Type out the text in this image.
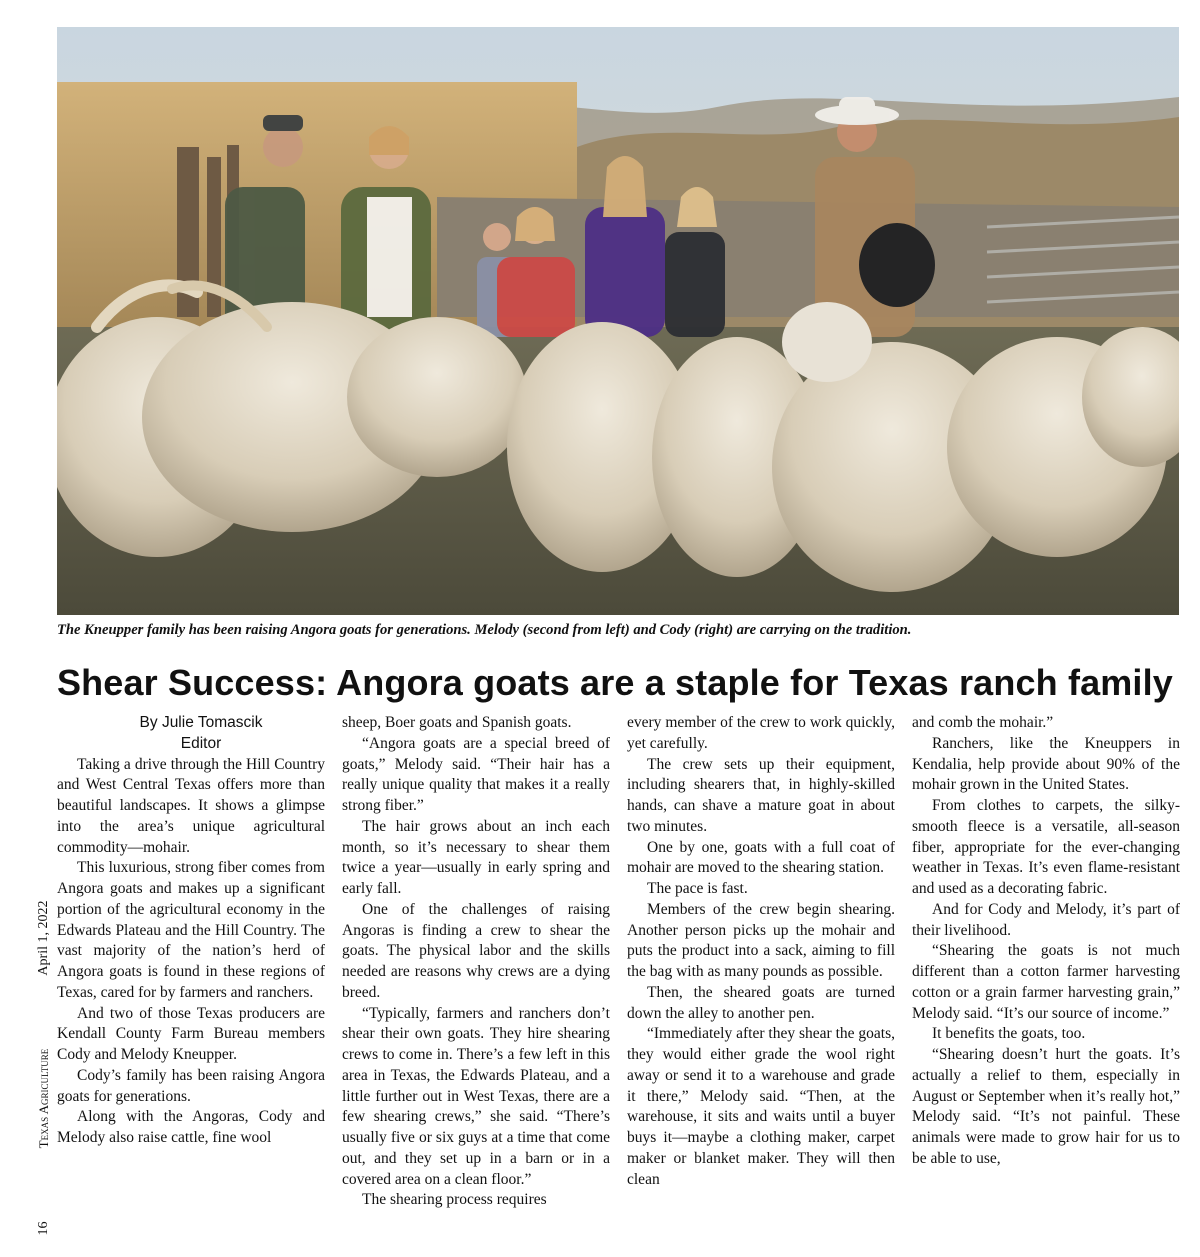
The Kneupper family has been raising Angora goats for generations. Melody (second from left) and Cody (right) are carrying on the tradition.

Shear Success: Angora goats are a staple for Texas ranch family
16
Texas Agriculture
April 1, 2022

By Julie Tomascik

Editor

Taking a drive through the Hill Country and West Central Texas offers more than beautiful landscapes. It shows a glimpse into the area’s unique agricultural commodity—mohair.

This luxurious, strong fiber comes from Angora goats and makes up a significant portion of the agricultural economy in the Edwards Plateau and the Hill Country. The vast majority of the nation’s herd of Angora goats is found in these regions of Texas, cared for by farmers and ranchers.

And two of those Texas producers are Kendall County Farm Bureau members Cody and Melody Kneupper.

Cody’s family has been raising Angora goats for generations.

Along with the Angoras, Cody and Melody also raise cattle, fine wool

sheep, Boer goats and Spanish goats.

“Angora goats are a special breed of goats,” Melody said. “Their hair has a really unique quality that makes it a really strong fiber.”

The hair grows about an inch each month, so it’s necessary to shear them twice a year—usually in early spring and early fall.

One of the challenges of raising Angoras is finding a crew to shear the goats. The physical labor and the skills needed are reasons why crews are a dying breed.

“Typically, farmers and ranchers don’t shear their own goats. They hire shearing crews to come in. There’s a few left in this area in Texas, the Edwards Plateau, and a little further out in West Texas, there are a few shearing crews,” she said. “There’s usually five or six guys at a time that come out, and they set up in a barn or in a covered area on a clean floor.”

The shearing process requires

every member of the crew to work quickly, yet carefully.

The crew sets up their equipment, including shearers that, in highly-skilled hands, can shave a mature goat in about two minutes.

One by one, goats with a full coat of mohair are moved to the shearing station.

The pace is fast.

Members of the crew begin shearing. Another person picks up the mohair and puts the product into a sack, aiming to fill the bag with as many pounds as possible.

Then, the sheared goats are turned down the alley to another pen.

“Immediately after they shear the goats, they would either grade the wool right away or send it to a warehouse and grade it there,” Melody said. “Then, at the warehouse, it sits and waits until a buyer buys it—maybe a clothing maker, carpet maker or blanket maker. They will then clean

and comb the mohair.”

Ranchers, like the Kneuppers in Kendalia, help provide about 90% of the mohair grown in the United States.

From clothes to carpets, the silky-smooth fleece is a versatile, all-season fiber, appropriate for the ever-changing weather in Texas. It’s even flame-resistant and used as a decorating fabric.

And for Cody and Melody, it’s part of their livelihood.

“Shearing the goats is not much different than a cotton farmer harvesting cotton or a grain farmer harvesting grain,” Melody said. “It’s our source of income.”

It benefits the goats, too.

“Shearing doesn’t hurt the goats. It’s actually a relief to them, especially in August or September when it’s really hot,” Melody said. “It’s not painful. These animals were made to grow hair for us to be able to use,
